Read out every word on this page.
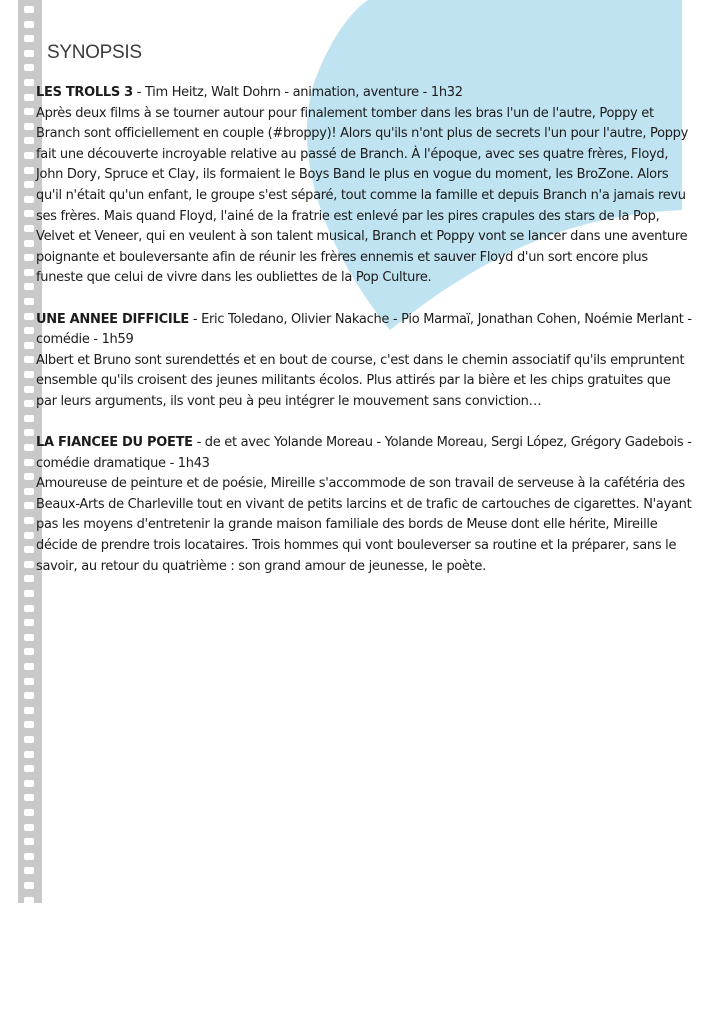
SYNOPSIS

LES TROLLS 3 - Tim Heitz, Walt Dohrn - animation, aventure - 1h32

Après deux films à se tourner autour pour finalement tomber dans les bras l'un de l'autre, Poppy et Branch sont officiellement en couple (#broppy)! Alors qu'ils n'ont plus de secrets l'un pour l'autre, Poppy fait une découverte incroyable relative au passé de Branch. À l'époque, avec ses quatre frères, Floyd, John Dory, Spruce et Clay, ils formaient le Boys Band le plus en vogue du moment, les BroZone. Alors qu'il n'était qu'un enfant, le groupe s'est séparé, tout comme la famille et depuis Branch n'a jamais revu ses frères. Mais quand Floyd, l'ainé de la fratrie est enlevé par les pires crapules des stars de la Pop, Velvet et Veneer, qui en veulent à son talent musical, Branch et Poppy vont se lancer dans une aventure poignante et bouleversante afin de réunir les frères ennemis et sauver Floyd d'un sort encore plus funeste que celui de vivre dans les oubliettes de la Pop Culture.

UNE ANNEE DIFFICILE - Eric Toledano, Olivier Nakache - Pio Marmaï, Jonathan Cohen, Noémie Merlant - comédie - 1h59

Albert et Bruno sont surendettés et en bout de course, c'est dans le chemin associatif qu'ils empruntent ensemble qu'ils croisent des jeunes militants écolos. Plus attirés par la bière et les chips gratuites que par leurs arguments, ils vont peu à peu intégrer le mouvement sans conviction…

LA FIANCEE DU POETE - de et avec Yolande Moreau - Yolande Moreau, Sergi López, Grégory Gadebois - comédie dramatique - 1h43

Amoureuse de peinture et de poésie, Mireille s'accommode de son travail de serveuse à la cafétéria des Beaux-Arts de Charleville tout en vivant de petits larcins et de trafic de cartouches de cigarettes. N'ayant pas les moyens d'entretenir la grande maison familiale des bords de Meuse dont elle hérite, Mireille décide de prendre trois locataires. Trois hommes qui vont bouleverser sa routine et la préparer, sans le savoir, au retour du quatrième : son grand amour de jeunesse, le poète.
